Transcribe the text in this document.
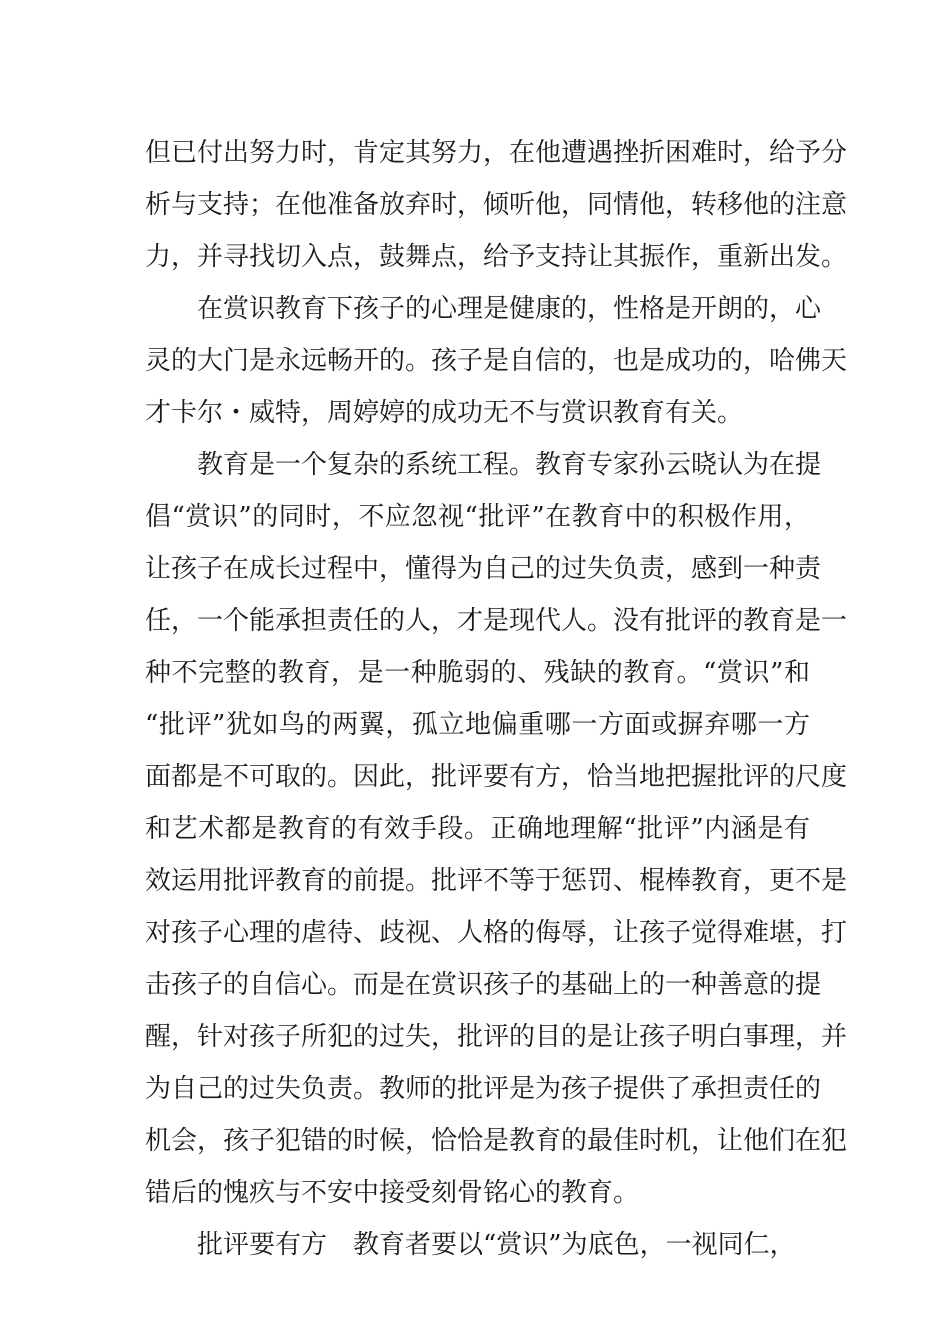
但已付出努力时，肯定其努力，在他遭遇挫折困难时，给予分
析与支持；在他准备放弃时，倾听他，同情他，转移他的注意
力，并寻找切入点，鼓舞点，给予支持让其振作，重新出发。
在赏识教育下孩子的心理是健康的，性格是开朗的，心
灵的大门是永远畅开的。孩子是自信的，也是成功的，哈佛天
才卡尔・威特，周婷婷的成功无不与赏识教育有关。
教育是一个复杂的系统工程。教育专家孙云晓认为在提
倡“赏识”的同时，不应忽视“批评”在教育中的积极作用，
让孩子在成长过程中，懂得为自己的过失负责，感到一种责
任，一个能承担责任的人，才是现代人。没有批评的教育是一
种不完整的教育，是一种脆弱的、残缺的教育。“赏识”和
“批评”犹如鸟的两翼，孤立地偏重哪一方面或摒弃哪一方
面都是不可取的。因此，批评要有方，恰当地把握批评的尺度
和艺术都是教育的有效手段。正确地理解“批评”内涵是有
效运用批评教育的前提。批评不等于惩罚、棍棒教育，更不是
对孩子心理的虐待、歧视、人格的侮辱，让孩子觉得难堪，打
击孩子的自信心。而是在赏识孩子的基础上的一种善意的提
醒，针对孩子所犯的过失，批评的目的是让孩子明白事理，并
为自己的过失负责。教师的批评是为孩子提供了承担责任的
机会，孩子犯错的时候，恰恰是教育的最佳时机，让他们在犯
错后的愧疚与不安中接受刻骨铭心的教育。
批评要有方　教育者要以“赏识”为底色，一视同仁，
